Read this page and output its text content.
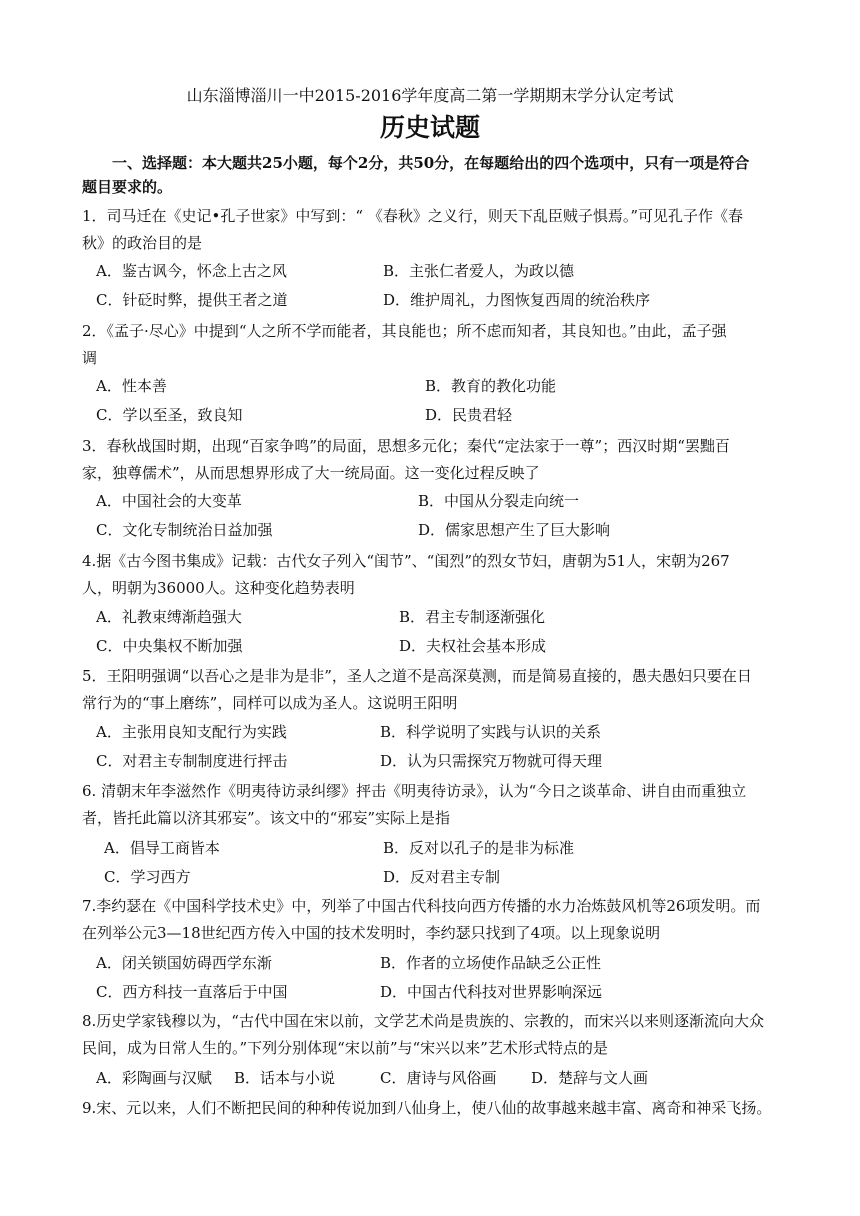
山东淄博淄川一中2015-2016学年度高二第一学期期末学分认定考试
历史试题
一、选择题：本大题共25小题，每个2分，共50分，在每题给出的四个选项中，只有一项是符合
题目要求的。
1．司马迁在《史记•孔子世家》中写到：“ 《春秋》之义行，则天下乱臣贼子惧焉。”可见孔子作《春
秋》的政治目的是
A．鉴古讽今，怀念上古之风	B．主张仁者爱人，为政以德
C．针砭时弊，提供王者之道	D．维护周礼，力图恢复西周的统治秩序
2．《孟子·尽心》中提到“人之所不学而能者，其良能也；所不虑而知者，其良知也。”由此，孟子强
调
A．性本善	B．教育的教化功能
C．学以至圣，致良知	D．民贵君轻
3．春秋战国时期，出现“百家争鸣”的局面，思想多元化；秦代“定法家于一尊”；西汉时期“罢黜百
家，独尊儒术”，从而思想界形成了大一统局面。这一变化过程反映了
A．中国社会的大变革	B．中国从分裂走向统一
C．文化专制统治日益加强	D．儒家思想产生了巨大影响
4.据《古今图书集成》记载：古代女子列入“闺节”、“闺烈”的烈女节妇，唐朝为51人，宋朝为267
人，明朝为36000人。这种变化趋势表明
A．礼教束缚渐趋强大	B．君主专制逐渐强化
C．中央集权不断加强	D．夫权社会基本形成
5．王阳明强调“以吾心之是非为是非”，圣人之道不是高深莫测，而是简易直接的，愚夫愚妇只要在日
常行为的“事上磨练”，同样可以成为圣人。这说明王阳明
A．主张用良知支配行为实践	B．科学说明了实践与认识的关系
C．对君主专制制度进行抨击	D．认为只需探究万物就可得天理
6. 清朝末年李滋然作《明夷待访录纠缪》抨击《明夷待访录》，认为“今日之谈革命、讲自由而重独立
者，皆托此篇以济其邪妄”。该文中的“邪妄”实际上是指
A．倡导工商皆本	B．反对以孔子的是非为标准
C．学习西方	D．反对君主专制
7.李约瑟在《中国科学技术史》中，列举了中国古代科技向西方传播的水力冶炼鼓风机等26项发明。而
在列举公元3—18世纪西方传入中国的技术发明时，李约瑟只找到了4项。以上现象说明
A．闭关锁国妨碍西学东渐	B．作者的立场使作品缺乏公正性
C．西方科技一直落后于中国	D．中国古代科技对世界影响深远
8.历史学家钱穆以为，“古代中国在宋以前，文学艺术尚是贵族的、宗教的，而宋兴以来则逐渐流向大众
民间，成为日常人生的。”下列分别体现“宋以前”与“宋兴以来”艺术形式特点的是
A．彩陶画与汉赋 B．话本与小说	C．唐诗与风俗画 D．楚辞与文人画
9.宋、元以来，人们不断把民间的种种传说加到八仙身上，使八仙的故事越来越丰富、离奇和神采飞扬。
